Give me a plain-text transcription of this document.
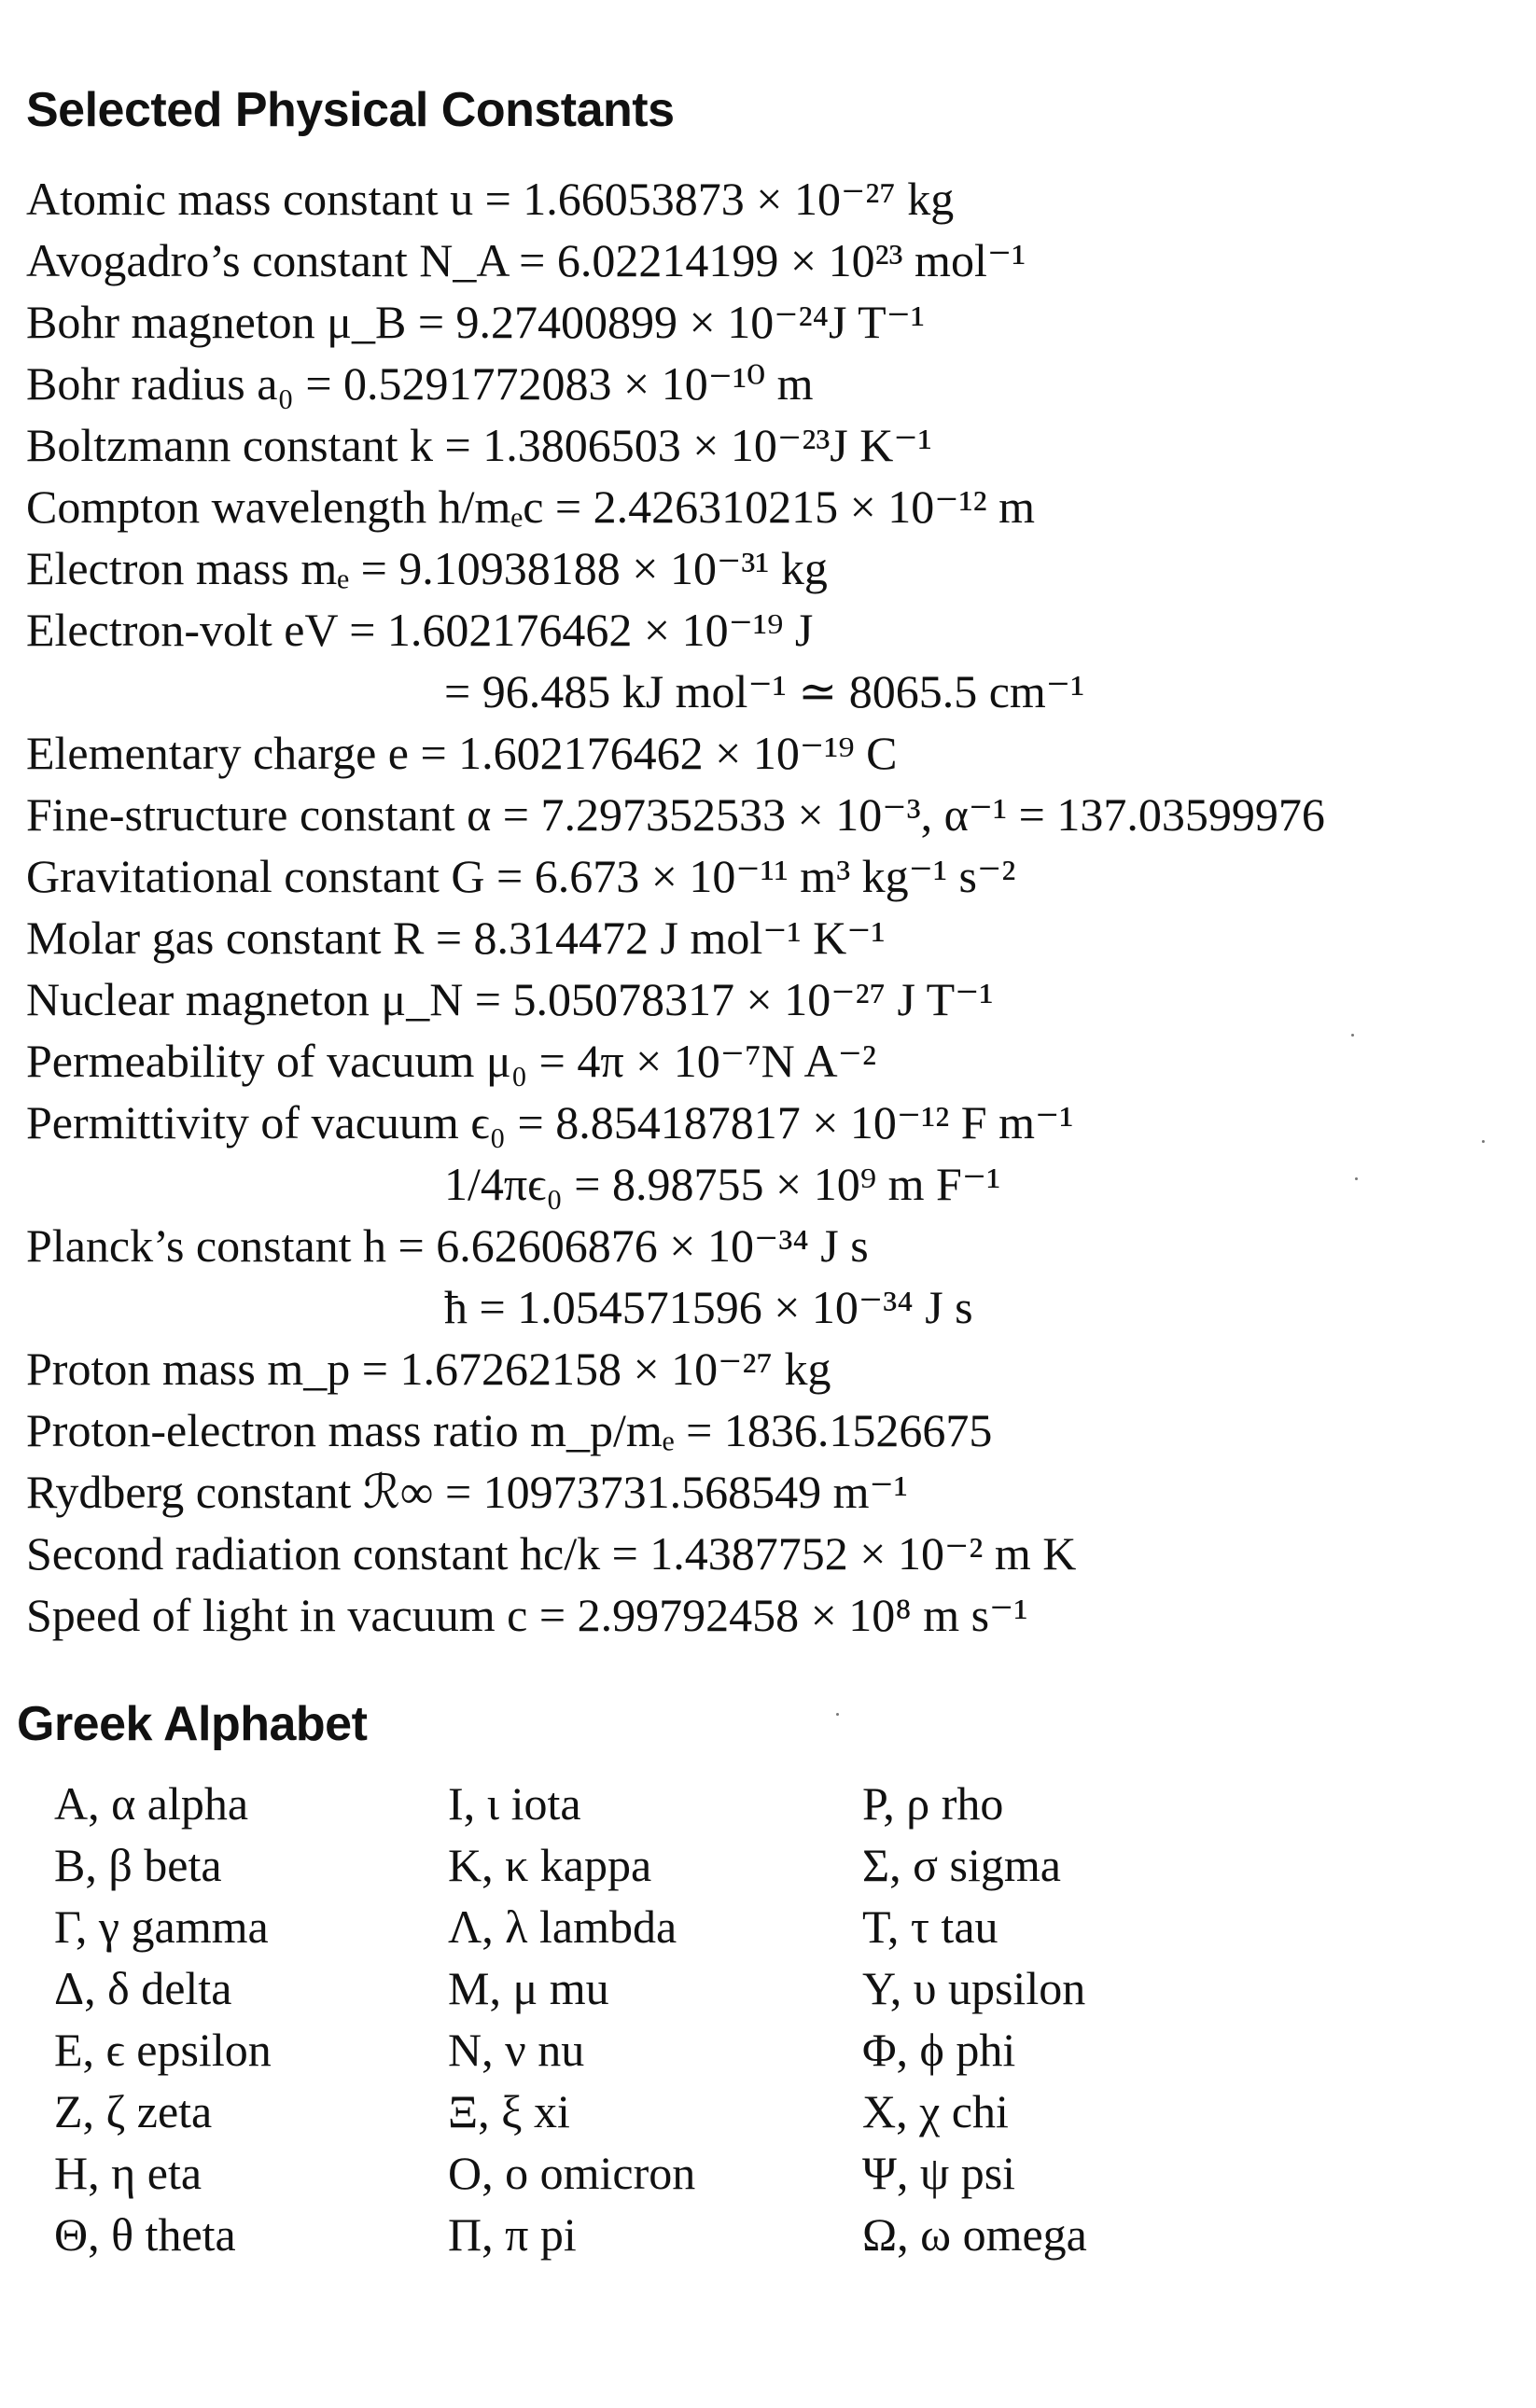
Selected Physical Constants
Atomic mass constant u = 1.66053873 × 10⁻²⁷ kg
Avogadro’s constant N_A = 6.02214199 × 10²³ mol⁻¹
Bohr magneton μ_B = 9.27400899 × 10⁻²⁴J T⁻¹
Bohr radius a₀ = 0.5291772083 × 10⁻¹⁰ m
Boltzmann constant k = 1.3806503 × 10⁻²³J K⁻¹
Compton wavelength h/mₑc = 2.426310215 × 10⁻¹² m
Electron mass mₑ = 9.10938188 × 10⁻³¹ kg
Electron-volt eV = 1.602176462 × 10⁻¹⁹ J
= 96.485 kJ mol⁻¹ ≃ 8065.5 cm⁻¹
Elementary charge e = 1.602176462 × 10⁻¹⁹ C
Fine-structure constant α = 7.297352533 × 10⁻³, α⁻¹ = 137.03599976
Gravitational constant G = 6.673 × 10⁻¹¹ m³ kg⁻¹ s⁻²
Molar gas constant R = 8.314472 J mol⁻¹ K⁻¹
Nuclear magneton μ_N = 5.05078317 × 10⁻²⁷ J T⁻¹
Permeability of vacuum μ₀ = 4π × 10⁻⁷N A⁻²
Permittivity of vacuum ϵ₀ = 8.854187817 × 10⁻¹² F m⁻¹
1/4πϵ₀ = 8.98755 × 10⁹ m F⁻¹
Planck’s constant h = 6.62606876 × 10⁻³⁴ J s
ħ = 1.054571596 × 10⁻³⁴ J s
Proton mass m_p = 1.67262158 × 10⁻²⁷ kg
Proton-electron mass ratio m_p/mₑ = 1836.1526675
Rydberg constant ℛ∞ = 10973731.568549 m⁻¹
Second radiation constant hc/k = 1.4387752 × 10⁻² m K
Speed of light in vacuum c = 2.99792458 × 10⁸ m s⁻¹
Greek Alphabet
A, α alpha
B, β beta
Γ, γ gamma
Δ, δ delta
E, ϵ epsilon
Z, ζ zeta
H, η eta
Θ, θ theta
I, ι iota
K, κ kappa
Λ, λ lambda
M, μ mu
N, ν nu
Ξ, ξ xi
O, o omicron
Π, π pi
P, ρ rho
Σ, σ sigma
T, τ tau
Υ, υ upsilon
Φ, ϕ phi
X, χ chi
Ψ, ψ psi
Ω, ω omega
